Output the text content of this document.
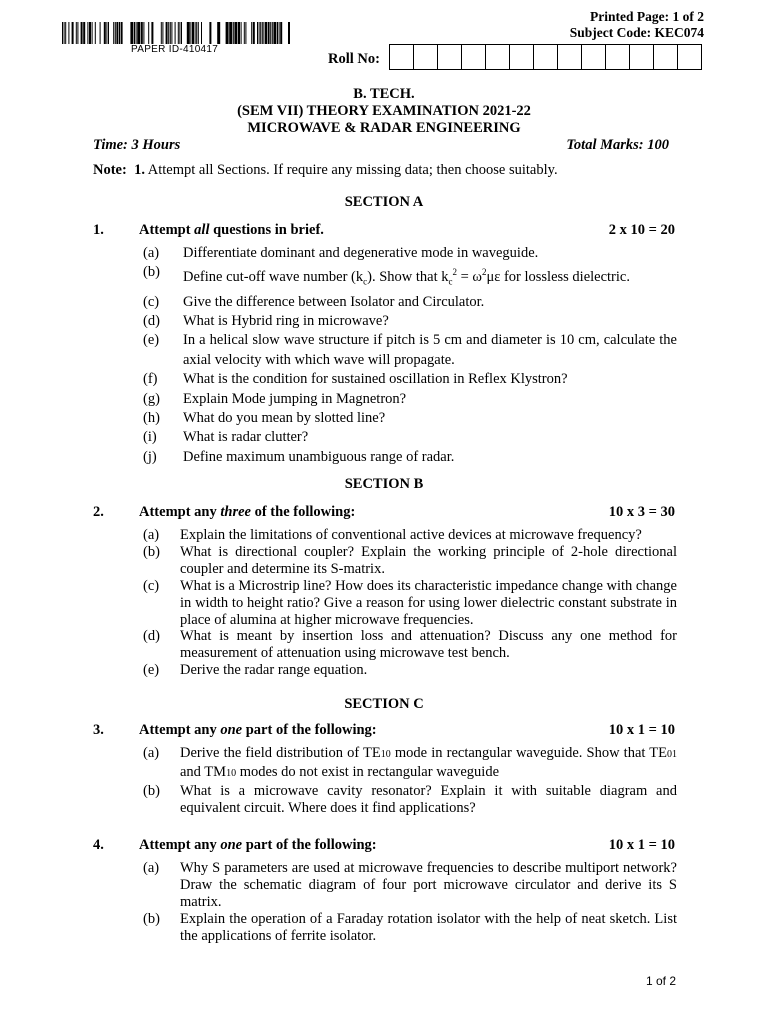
PAPER ID-410417
Printed Page: 1 of 2
Subject Code: KEC074
Roll No:
B. TECH.
(SEM VII) THEORY EXAMINATION 2021-22
MICROWAVE & RADAR ENGINEERING
Time: 3 Hours	Total Marks: 100
Note: 1. Attempt all Sections. If require any missing data; then choose suitably.
SECTION A
1. Attempt all questions in brief.	2 x 10 = 20
(a)	Differentiate dominant and degenerative mode in waveguide.
(b)	Define cut-off wave number $(k_c)$. Show that $k_c^2 = \omega^2\mu\varepsilon$ for lossless dielectric.
(c)	Give the difference between Isolator and Circulator.
(d)	What is Hybrid ring in microwave?
(e)	In a helical slow wave structure if pitch is 5 cm and diameter is 10 cm, calculate the axial velocity with which wave will propagate.
(f)	What is the condition for sustained oscillation in Reflex Klystron?
(g)	Explain Mode jumping in Magnetron?
(h)	What do you mean by slotted line?
(i)	What is radar clutter?
(j)	Define maximum unambiguous range of radar.
SECTION B
2. Attempt any three of the following:	10 x 3 = 30
(a)	Explain the limitations of conventional active devices at microwave frequency?
(b)	What is directional coupler? Explain the working principle of 2-hole directional coupler and determine its S-matrix.
(c)	What is a Microstrip line? How does its characteristic impedance change with change in width to height ratio? Give a reason for using lower dielectric constant substrate in place of alumina at higher microwave frequencies.
(d)	What is meant by insertion loss and attenuation? Discuss any one method for measurement of attenuation using microwave test bench.
(e)	Derive the radar range equation.
SECTION C
3. Attempt any one part of the following:	10 x 1 = 10
(a)	Derive the field distribution of TE10 mode in rectangular waveguide. Show that TE01 and TM10 modes do not exist in rectangular waveguide
(b)	What is a microwave cavity resonator? Explain it with suitable diagram and equivalent circuit. Where does it find applications?
4. Attempt any one part of the following:	10 x 1 = 10
(a)	Why S parameters are used at microwave frequencies to describe multiport network? Draw the schematic diagram of four port microwave circulator and derive its S matrix.
(b)	Explain the operation of a Faraday rotation isolator with the help of neat sketch. List the applications of ferrite isolator.
1 of 2
